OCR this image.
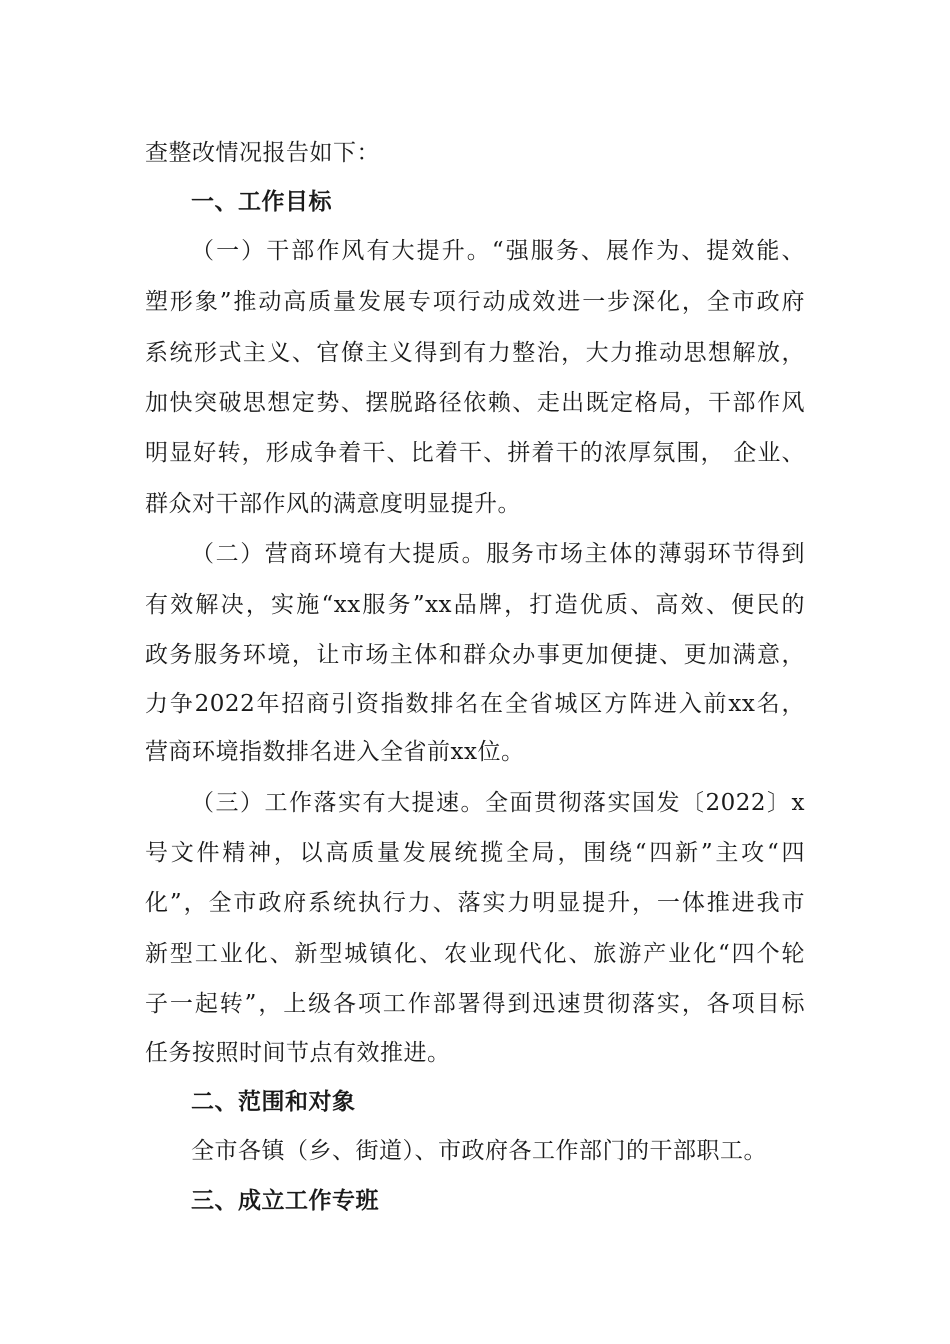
查整改情况报告如下：
一、工作目标
（一）干部作风有大提升。“强服务、展作为、提效能、
塑形象”推动高质量发展专项行动成效进一步深化，全市政府
系统形式主义、官僚主义得到有力整治，大力推动思想解放，
加快突破思想定势、摆脱路径依赖、走出既定格局，干部作风
明显好转，形成争着干、比着干、拼着干的浓厚氛围， 企业、
群众对干部作风的满意度明显提升。
（二）营商环境有大提质。服务市场主体的薄弱环节得到
有效解决，实施“xx服务”xx品牌，打造优质、高效、便民的
政务服务环境，让市场主体和群众办事更加便捷、更加满意，
力争2022年招商引资指数排名在全省城区方阵进入前xx名，
营商环境指数排名进入全省前xx位。
（三）工作落实有大提速。全面贯彻落实国发〔2022〕x
号文件精神，以高质量发展统揽全局，围绕“四新”主攻“四
化”，全市政府系统执行力、落实力明显提升，一体推进我市
新型工业化、新型城镇化、农业现代化、旅游产业化“四个轮
子一起转”，上级各项工作部署得到迅速贯彻落实，各项目标
任务按照时间节点有效推进。
二、范围和对象
全市各镇（乡、街道）、市政府各工作部门的干部职工。
三、成立工作专班
